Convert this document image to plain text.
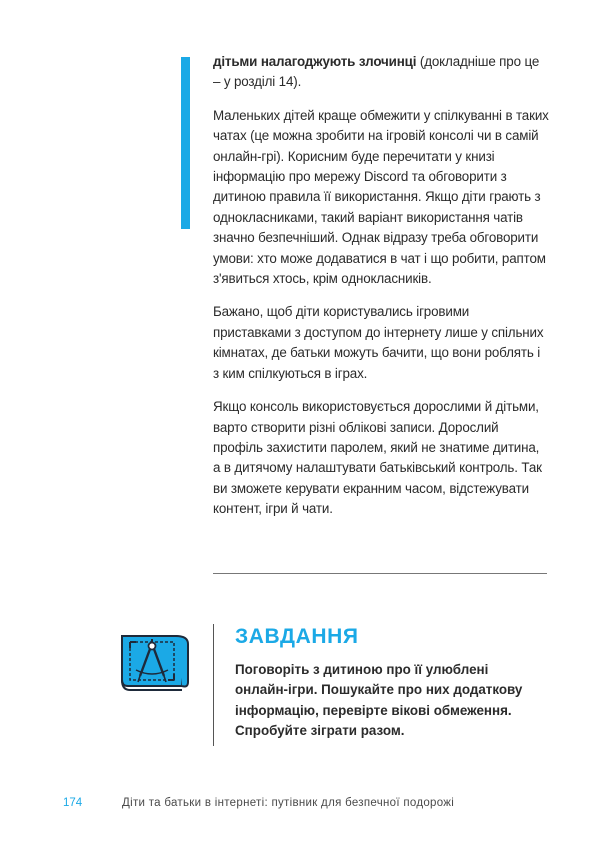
дітьми налагоджують злочинці (докладніше про це – у розділі 14).

Маленьких дітей краще обмежити у спілкуванні в таких чатах (це можна зробити на ігровій консолі чи в самій онлайн-грі). Корисним буде перечитати у книзі інформацію про мережу Discord та обговорити з дитиною правила її використання. Якщо діти грають з однокласниками, такий варіант використання чатів значно безпечніший. Однак відразу треба обговорити умови: хто може додаватися в чат і що робити, раптом з'явиться хтось, крім однокласників.

Бажано, щоб діти користувались ігровими приставками з доступом до інтернету лише у спільних кімнатах, де батьки можуть бачити, що вони роблять і з ким спілкуються в іграх.

Якщо консоль використовується дорослими й дітьми, варто створити різні облікові записи. Дорослий профіль захистити паролем, який не знатиме дитина, а в дитячому налаштувати батьківський контроль. Так ви зможете керувати екранним часом, відстежувати контент, ігри й чати.

ЗАВДАННЯ
Поговоріть з дитиною про її улюблені онлайн-ігри. Пошукайте про них додаткову інформацію, перевірте вікові обмеження. Спробуйте зіграти разом.
174	Діти та батьки в інтернеті: путівник для безпечної подорожі
